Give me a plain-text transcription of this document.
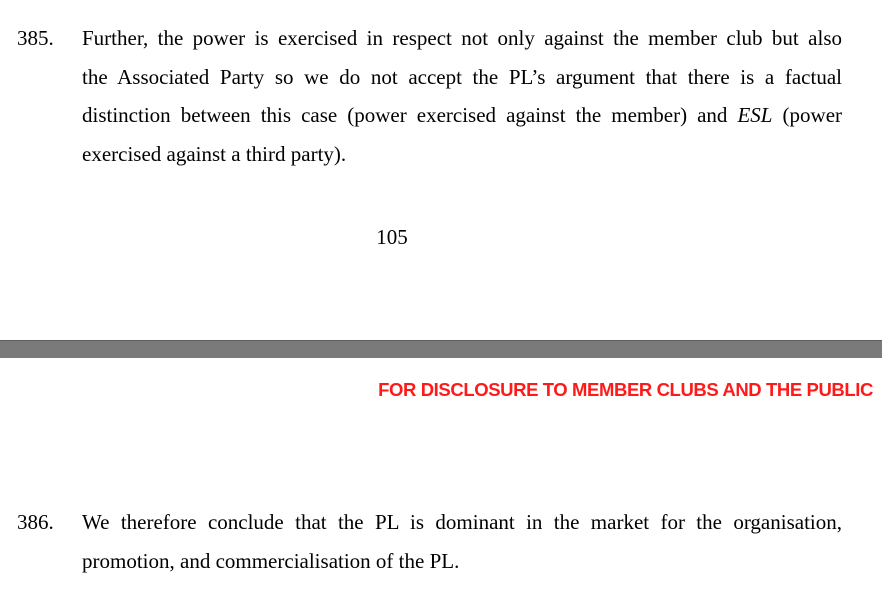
385. Further, the power is exercised in respect not only against the member club but also
the Associated Party so we do not accept the PL’s argument that there is a factual
distinction between this case (power exercised against the member) and ESL (power
exercised against a third party).
105
FOR DISCLOSURE TO MEMBER CLUBS AND THE PUBLIC
386. We therefore conclude that the PL is dominant in the market for the organisation,
promotion, and commercialisation of the PL.
